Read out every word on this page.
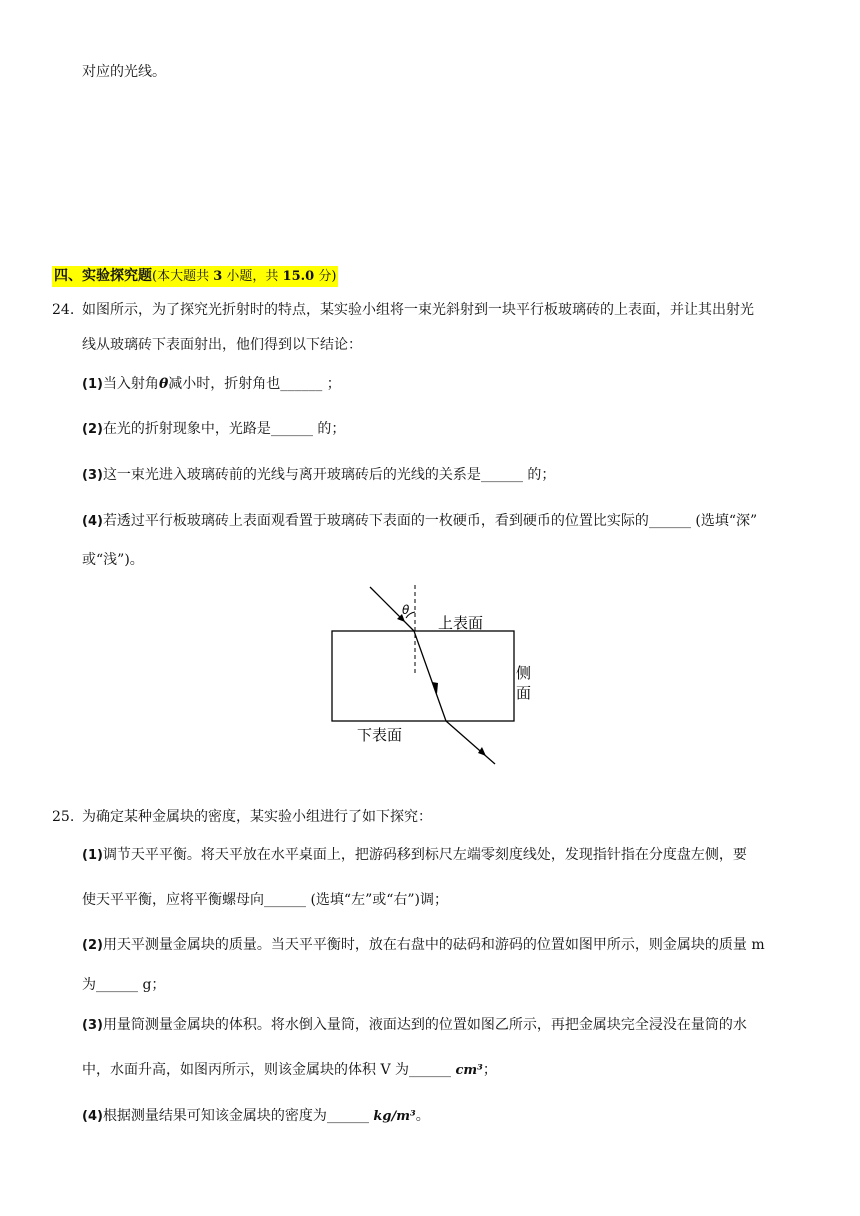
对应的光线。
四、实验探究题(本大题共 3 小题，共 15.0 分)
24. 如图所示，为了探究光折射时的特点，某实验小组将一束光斜射到一块平行板玻璃砖的上表面，并让其出射光
线从玻璃砖下表面射出，他们得到以下结论：
(1)当入射角θ减小时，折射角也______ ；
(2)在光的折射现象中，光路是______ 的；
(3)这一束光进入玻璃砖前的光线与离开玻璃砖后的光线的关系是______ 的；
(4)若透过平行板玻璃砖上表面观看置于玻璃砖下表面的一枚硬币，看到硬币的位置比实际的______ (选填“深”
或“浅”)。
θ
上表面
侧
面
下表面
25. 为确定某种金属块的密度，某实验小组进行了如下探究：
(1)调节天平平衡。将天平放在水平桌面上，把游码移到标尺左端零刻度线处，发现指针指在分度盘左侧，要
使天平平衡，应将平衡螺母向______ (选填“左”或“右”)调；
(2)用天平测量金属块的质量。当天平平衡时，放在右盘中的砝码和游码的位置如图甲所示，则金属块的质量 m
为______ g；
(3)用量筒测量金属块的体积。将水倒入量筒，液面达到的位置如图乙所示，再把金属块完全浸没在量筒的水
中，水面升高，如图丙所示，则该金属块的体积 V 为______ cm³；
(4)根据测量结果可知该金属块的密度为______ kg/m³。
